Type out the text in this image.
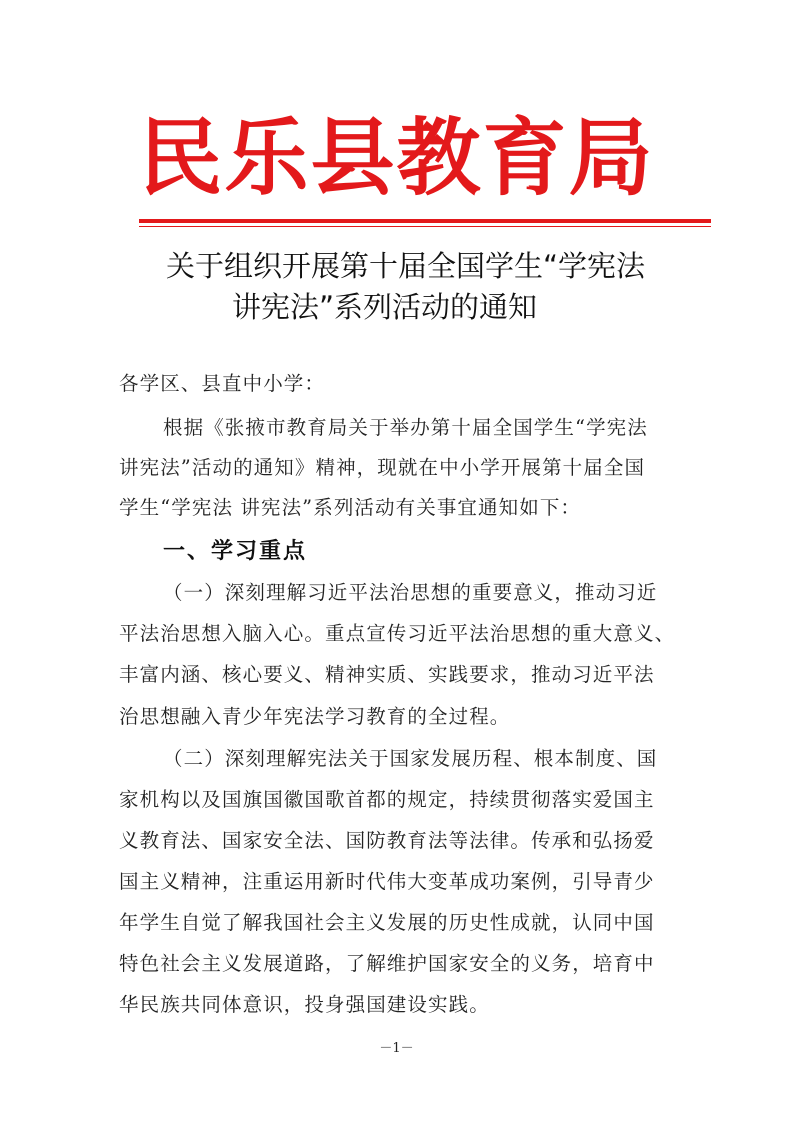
民乐县教育局
关于组织开展第十届全国学生“学宪法
讲宪法”系列活动的通知
各学区、县直中小学：
根据《张掖市教育局关于举办第十届全国学生“学宪法
讲宪法”活动的通知》精神，现就在中小学开展第十届全国
学生“学宪法 讲宪法”系列活动有关事宜通知如下：
一、学习重点
（一）深刻理解习近平法治思想的重要意义，推动习近
平法治思想入脑入心。重点宣传习近平法治思想的重大意义、
丰富内涵、核心要义、精神实质、实践要求，推动习近平法
治思想融入青少年宪法学习教育的全过程。
（二）深刻理解宪法关于国家发展历程、根本制度、国
家机构以及国旗国徽国歌首都的规定，持续贯彻落实爱国主
义教育法、国家安全法、国防教育法等法律。传承和弘扬爱
国主义精神，注重运用新时代伟大变革成功案例，引导青少
年学生自觉了解我国社会主义发展的历史性成就，认同中国
特色社会主义发展道路，了解维护国家安全的义务，培育中
华民族共同体意识，投身强国建设实践。
－1－
